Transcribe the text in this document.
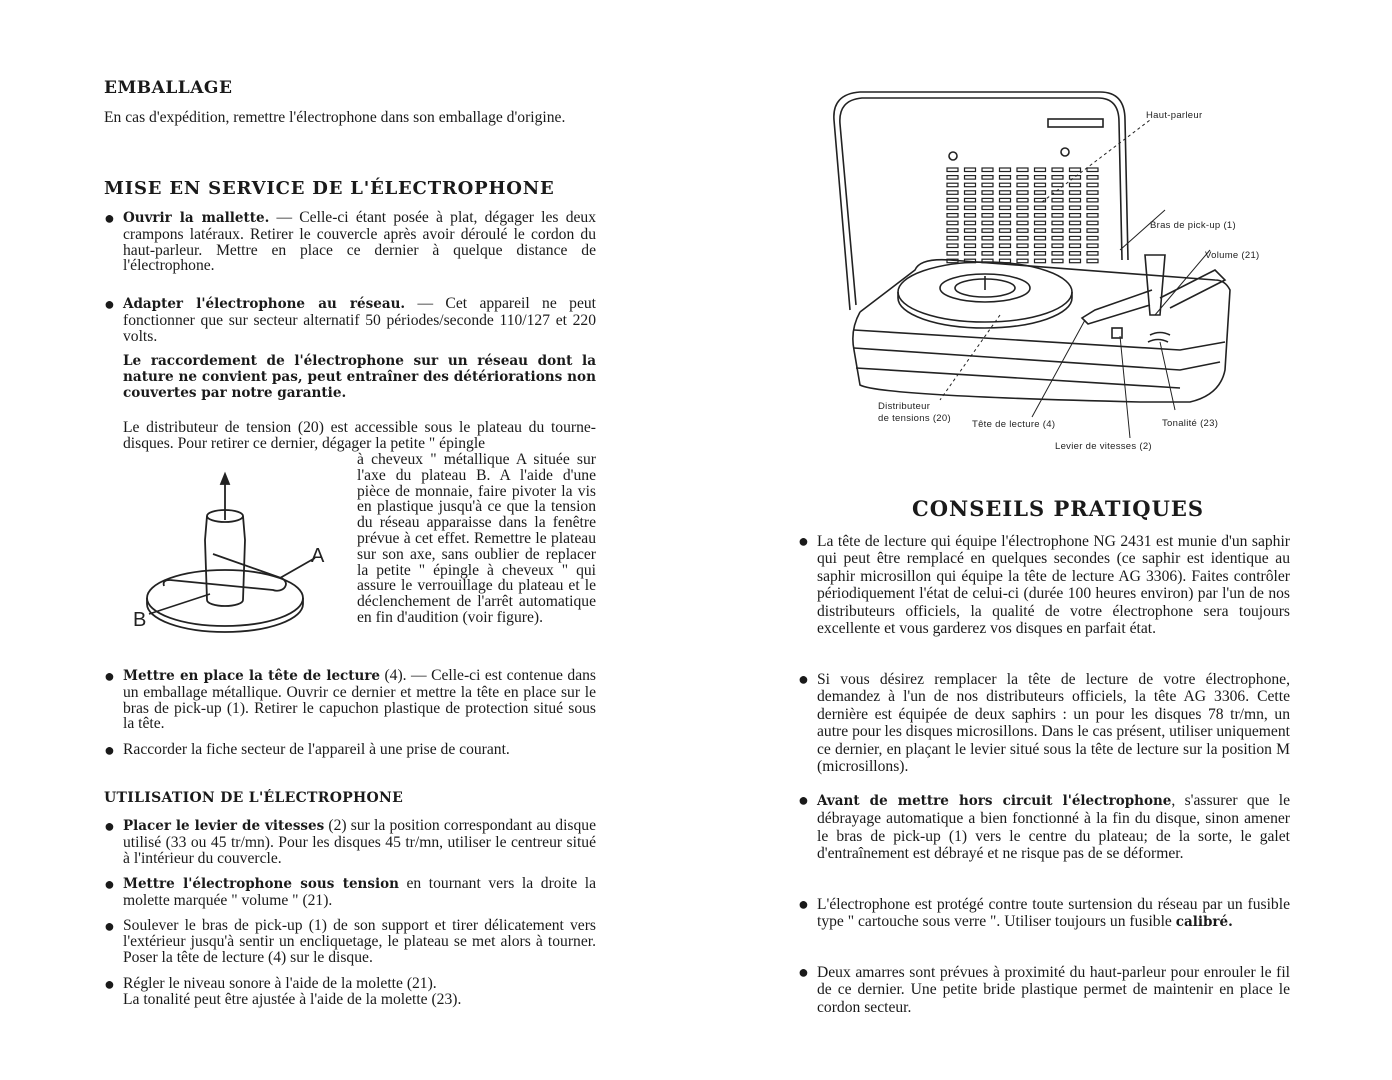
EMBALLAGE

En cas d'expédition, remettre l'électrophone dans son emballage d'origine.

MISE EN SERVICE DE L'ÉLECTROPHONE

● Ouvrir la mallette. — Celle-ci étant posée à plat, dégager les deux crampons latéraux. Retirer le couvercle après avoir déroulé le cordon du haut-parleur. Mettre en place ce dernier à quelque distance de l'électrophone.

● Adapter l'électrophone au réseau. — Cet appareil ne peut fonctionner que sur secteur alternatif 50 périodes/seconde 110/127 et 220 volts.

Le raccordement de l'électrophone sur un réseau dont la nature ne convient pas, peut entraîner des détériorations non couvertes par notre garantie.

Le distributeur de tension (20) est accessible sous le plateau du tourne-disques. Pour retirer ce dernier, dégager la petite " épingle

à cheveux " métallique A située sur l'axe du plateau B. A l'aide d'une pièce de monnaie, faire pivoter la vis en plastique jusqu'à ce que la tension du réseau apparaisse dans la fenêtre prévue à cet effet. Remettre le plateau sur son axe, sans oublier de replacer la petite " épingle à cheveux " qui assure le verrouillage du plateau et le déclenchement de l'arrêt automatique en fin d'audition (voir figure).

A
B

● Mettre en place la tête de lecture (4). — Celle-ci est contenue dans un emballage métallique. Ouvrir ce dernier et mettre la tête en place sur le bras de pick-up (1). Retirer le capuchon plastique de protection situé sous la tête.

● Raccorder la fiche secteur de l'appareil à une prise de courant.

UTILISATION DE L'ÉLECTROPHONE

● Placer le levier de vitesses (2) sur la position correspondant au disque utilisé (33 ou 45 tr/mn). Pour les disques 45 tr/mn, utiliser le centreur situé à l'intérieur du couvercle.

● Mettre l'électrophone sous tension en tournant vers la droite la molette marquée " volume " (21).

● Soulever le bras de pick-up (1) de son support et tirer délicatement vers l'extérieur jusqu'à sentir un encliquetage, le plateau se met alors à tourner. Poser la tête de lecture (4) sur le disque.

● Régler le niveau sonore à l'aide de la molette (21).
La tonalité peut être ajustée à l'aide de la molette (23).

Haut-parleur
Bras de pick-up (1)
Volume (21)
Distributeur
de tensions (20)
Tête de lecture (4)	Tonalité (23)
Levier de vitesses (2)
CONSEILS PRATIQUES

● La tête de lecture qui équipe l'électrophone NG 2431 est munie d'un saphir qui peut être remplacé en quelques secondes (ce saphir est identique au saphir microsillon qui équipe la tête de lecture AG 3306). Faites contrôler périodiquement l'état de celui-ci (durée 100 heures environ) par l'un de nos distributeurs officiels, la qualité de votre électrophone sera toujours excellente et vous garderez vos disques en parfait état.

● Si vous désirez remplacer la tête de lecture de votre électrophone, demandez à l'un de nos distributeurs officiels, la tête AG 3306. Cette dernière est équipée de deux saphirs : un pour les disques 78 tr/mn, un autre pour les disques microsillons. Dans le cas présent, utiliser uniquement ce dernier, en plaçant le levier situé sous la tête de lecture sur la position M (microsillons).

● Avant de mettre hors circuit l'électrophone, s'assurer que le débrayage automatique a bien fonctionné à la fin du disque, sinon amener le bras de pick-up (1) vers le centre du plateau; de la sorte, le galet d'entraînement est débrayé et ne risque pas de se déformer.

● L'électrophone est protégé contre toute surtension du réseau par un fusible type " cartouche sous verre ". Utiliser toujours un fusible calibré.

● Deux amarres sont prévues à proximité du haut-parleur pour enrouler le fil de ce dernier. Une petite bride plastique permet de maintenir en place le cordon secteur.
